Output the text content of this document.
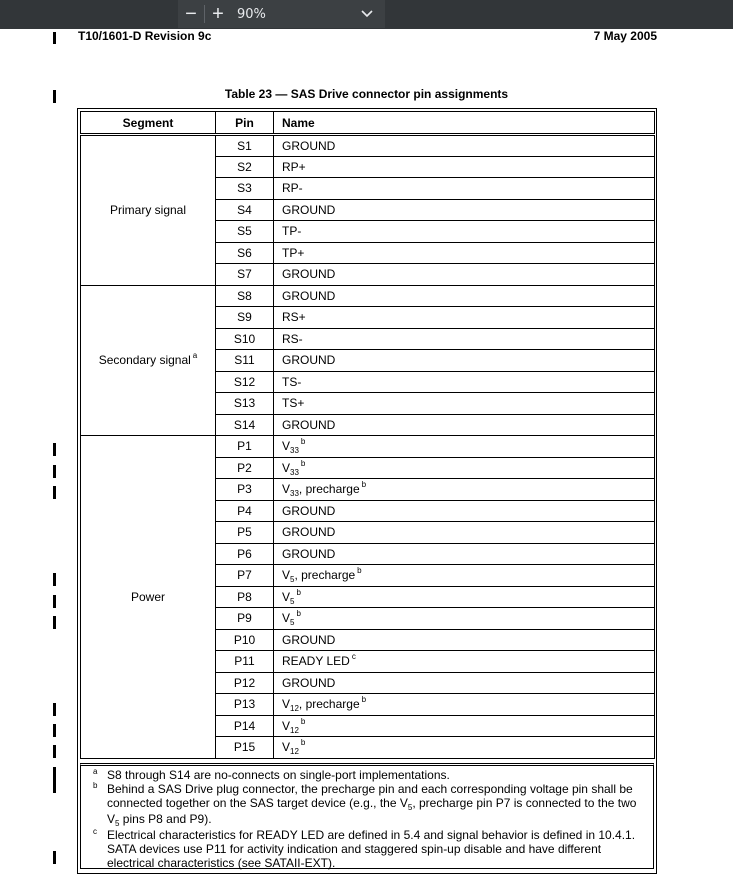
− +	90%
T10/1601-D Revision 9c	7 May 2005
Table 23 — SAS Drive connector pin assignments
Segment	Pin	Name
Primary signal	S1	GROUND
	S2	RP+
	S3	RP-
	S4	GROUND
	S5	TP-
	S6	TP+
	S7	GROUND
Secondary signal $^a$	S8	GROUND
	S9	RS+
	S10	RS-
	S11	GROUND
	S12	TS-
	S13	TS+
	S14	GROUND
Power	P1	$V_{33}^b$
	P2	$V_{33}^b$
	P3	$V_{33}$, precharge $^b$
	P4	GROUND
	P5	GROUND
	P6	GROUND
	P7	$V_5$, precharge $^b$
	P8	$V_5^b$
	P9	$V_5^b$
	P10	GROUND
	P11	READY LED $^c$
	P12	GROUND
	P13	$V_{12}$, precharge $^b$
	P14	$V_{12}^b$
	P15	$V_{12}^b$
a S8 through S14 are no-connects on single-port implementations.
b Behind a SAS Drive plug connector, the precharge pin and each corresponding voltage pin shall be connected together on the SAS target device (e.g., the $V_5$, precharge pin P7 is connected to the two $V_5$ pins P8 and P9).
c Electrical characteristics for READY LED are defined in 5.4 and signal behavior is defined in 10.4.1. SATA devices use P11 for activity indication and staggered spin-up disable and have different electrical characteristics (see SATAII-EXT).
